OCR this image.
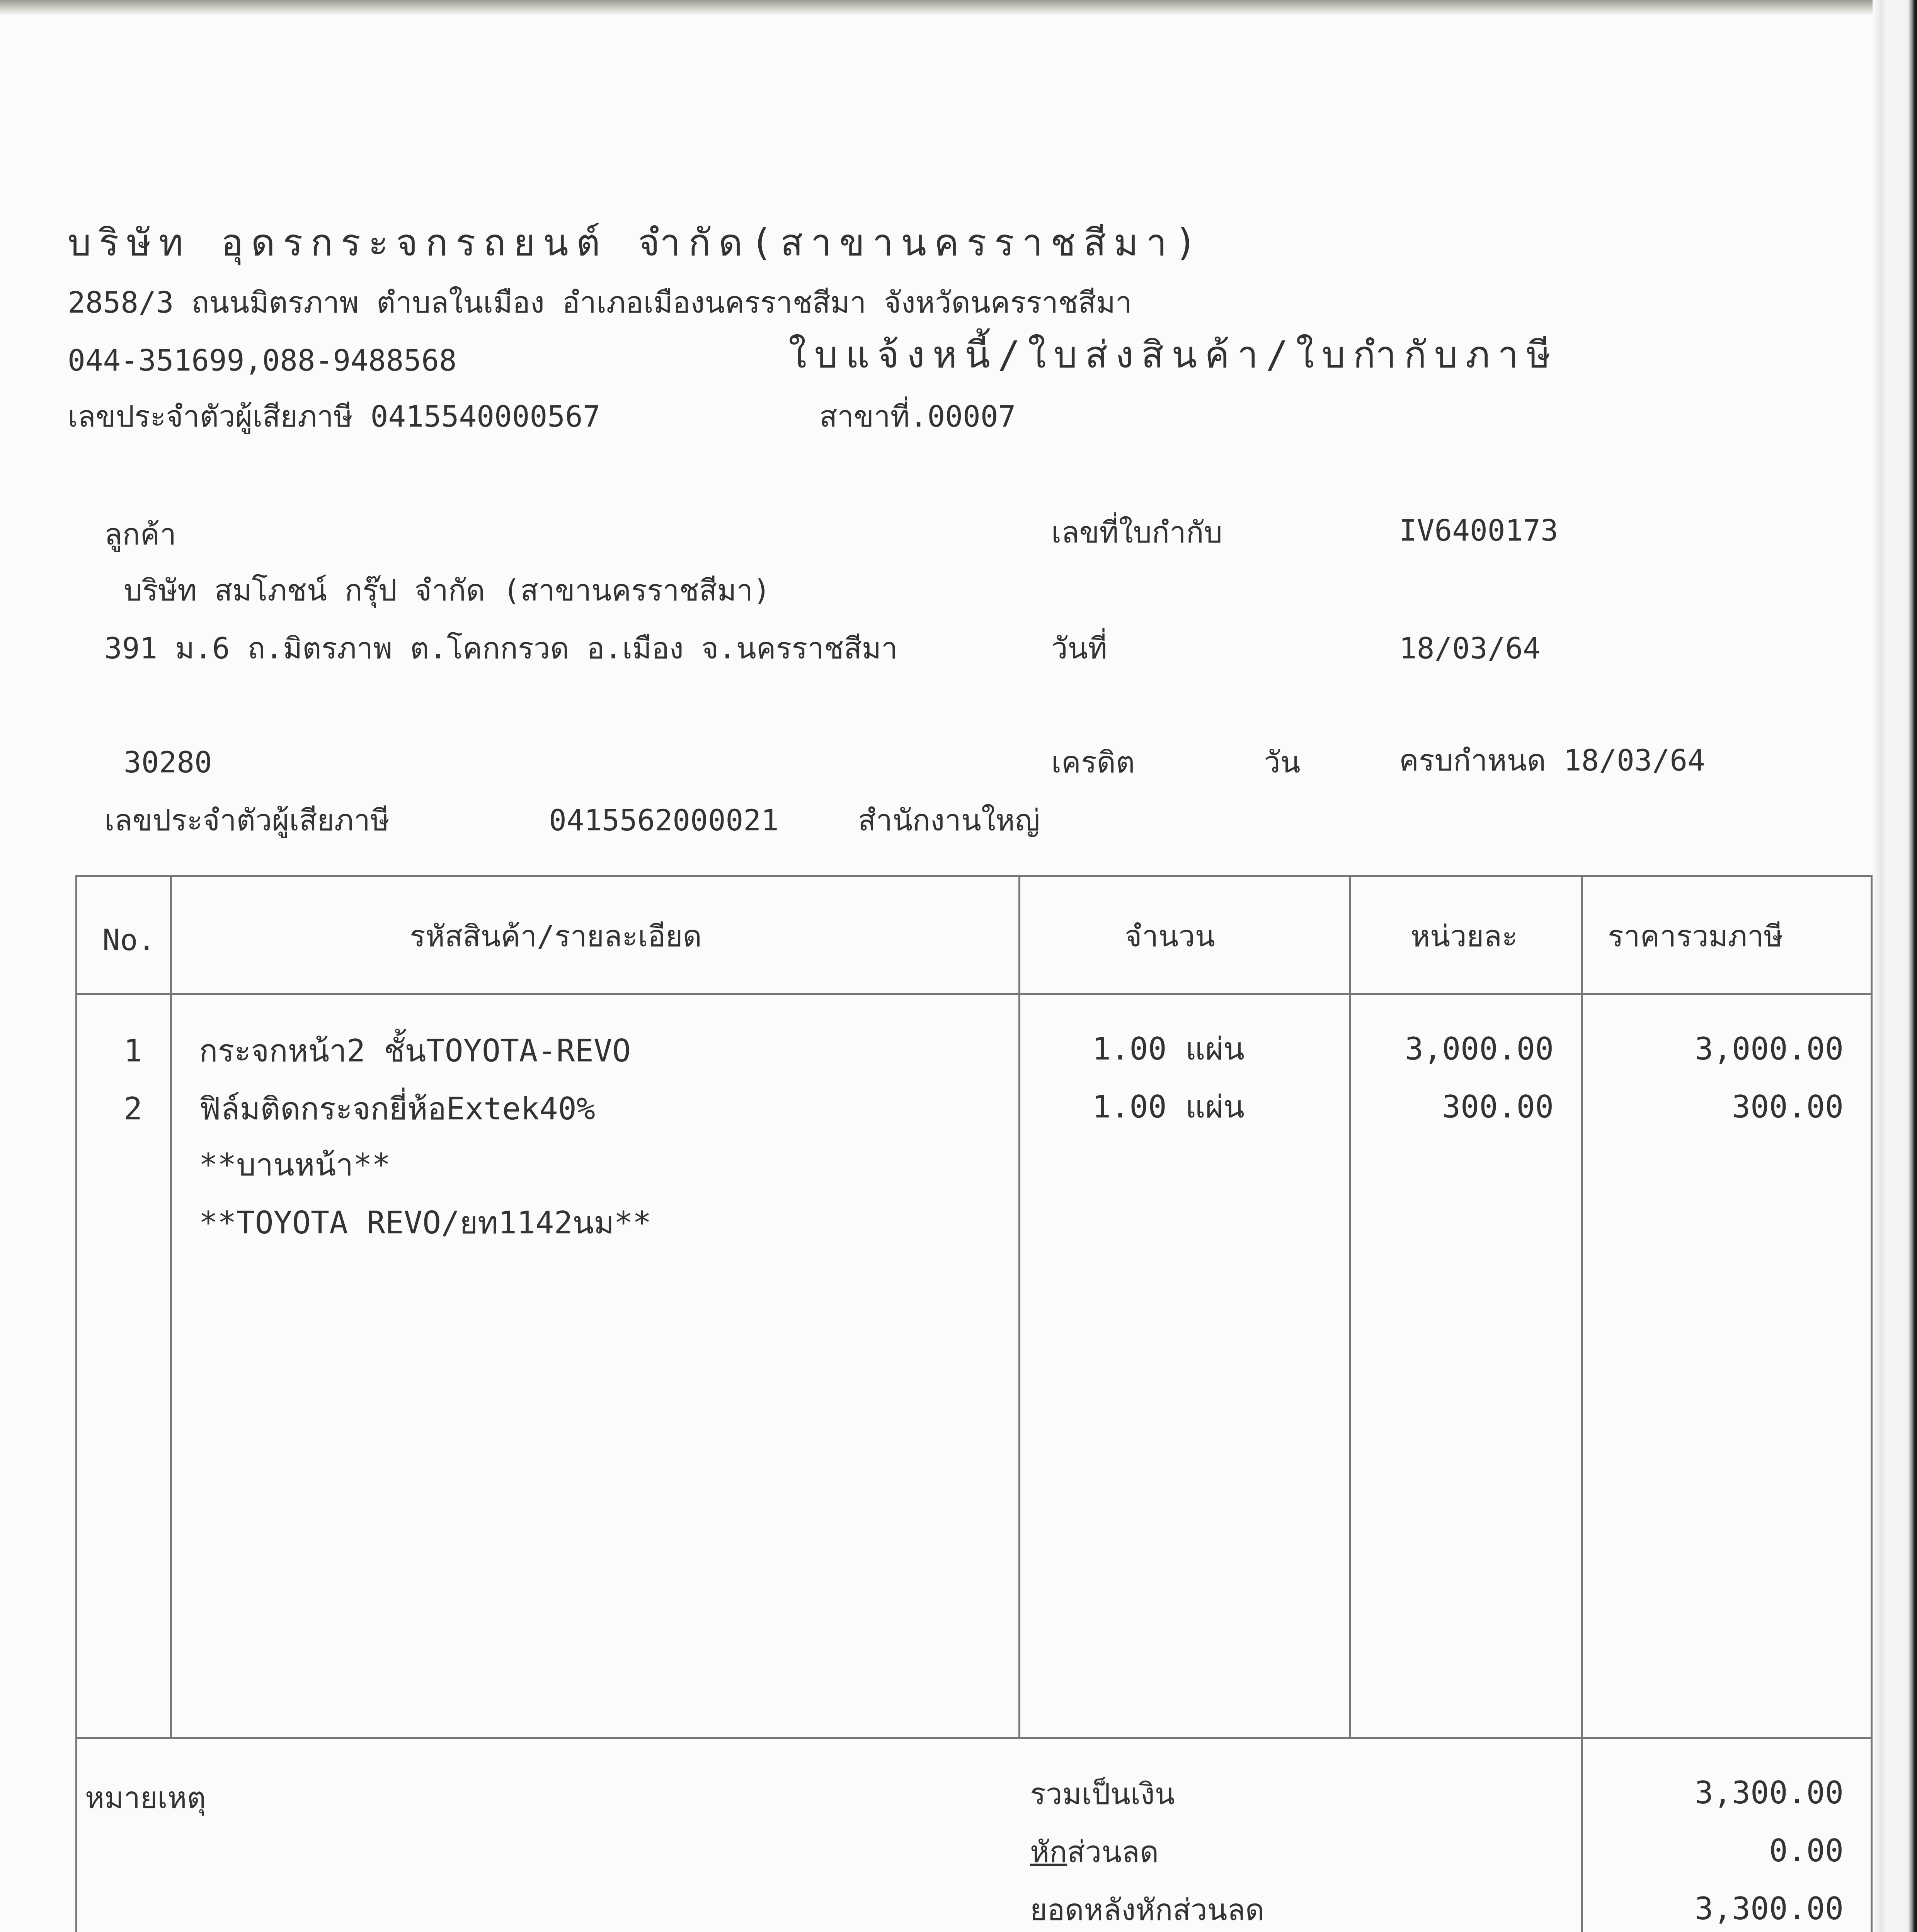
บริษัท อุดรกระจกรถยนต์ จำกัด(สาขานครราชสีมา)
2858/3 ถนนมิตรภาพ ตำบลในเมือง อำเภอเมืองนครราชสีมา จังหวัดนครราชสีมา
044-351699,088-9488568	ใบแจ้งหนี้/ใบส่งสินค้า/ใบกำกับภาษี
เลขประจำตัวผู้เสียภาษี 0415540000567	สาขาที่.00007
ลูกค้า
บริษัท สมโภชน์ กรุ๊ป จำกัด (สาขานครราชสีมา)
391 ม.6 ถ.มิตรภาพ ต.โคกกรวด อ.เมือง จ.นครราชสีมา
30280
เลขประจำตัวผู้เสียภาษี	0415562000021	สำนักงานใหญ่
เลขที่ใบกำกับ	IV6400173
วันที่	18/03/64
เครดิต	วัน	ครบกำหนด 18/03/64
No.	รหัสสินค้า/รายละเอียด	จำนวน	หน่วยละ	ราคารวมภาษี
1 กระจกหน้า2 ชั้นTOYOTA-REVO	1.00 แผ่น	3,000.00	3,000.00
2 ฟิล์มติดกระจกยี่ห้อExtek40%	1.00 แผ่น	300.00	300.00
**บานหน้า**
**TOYOTA REVO/ยท1142นม**
หมายเหตุ	รวมเป็นเงิน	3,300.00
หักส่วนลด	0.00
ยอดหลังหักส่วนลด	3,300.00
